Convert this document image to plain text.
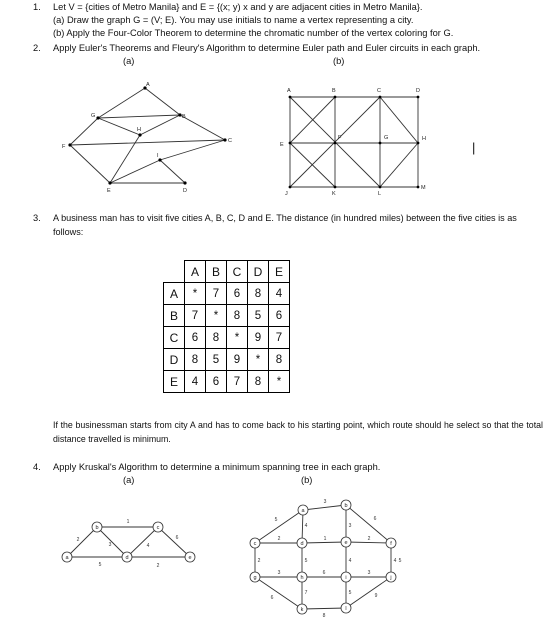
1. Let V = {cities of Metro Manila} and E = {(x; y) x and y are adjacent cities in Metro Manila}.
(a) Draw the graph G = (V; E). You may use initials to name a vertex representing a city.
(b) Apply the Four-Color Theorem to determine the chromatic number of the vertex coloring for G.
2. Apply Euler's Theorems and Fleury's Algorithm to determine Euler path and Euler circuits in each graph.
(a)	(b)
A
B
C
D
E
F
G
H
I
A	B	C	D
E
F	G	H
J	K	L
M
|
3. A business man has to visit five cities A, B, C, D and E. The distance (in hundred miles) between the five cities is as follows:
	A	B	C	D	E
A	*	7	6	8	4
B	7	*	8	5	6
C	6	8	*	9	7
D	8	5	9	*	8
E	4	6	7	8	*
If the businessman starts from city A and has to come back to his starting point, which route should he select so that the total distance travelled is minimum.
4. Apply Kruskal's Algorithm to determine a minimum spanning tree in each graph.
(a)	(b)
a
b	c
d	e
2
1
3	4
5
6
2
a
b
c	d	e	f
g	h	i	j
k	l
3
5
4	3
6
2	1	2
2	5	4	4 5
3	6
6
3
5
7	9
8
